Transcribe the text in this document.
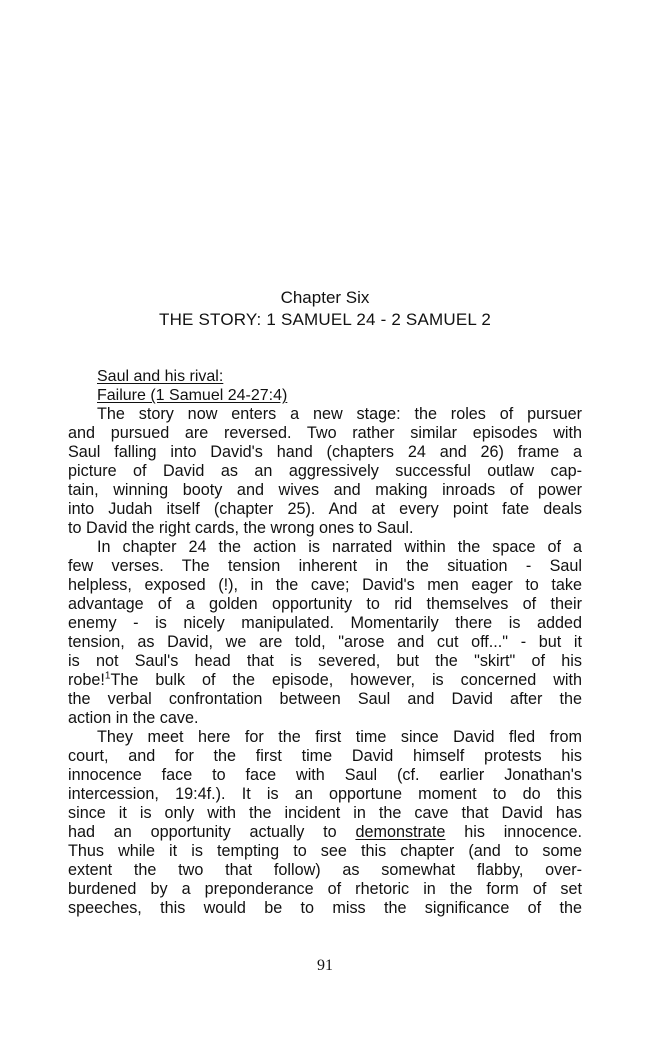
Chapter Six
THE STORY: 1 SAMUEL 24 - 2 SAMUEL 2
Saul and his rival:
Failure (1 Samuel 24-27:4)
The story now enters a new stage: the roles of pursuer
and pursued are reversed. Two rather similar episodes with
Saul falling into David's hand (chapters 24 and 26) frame a
picture of David as an aggressively successful outlaw cap-
tain, winning booty and wives and making inroads of power
into Judah itself (chapter 25). And at every point fate deals
to David the right cards, the wrong ones to Saul.
In chapter 24 the action is narrated within the space of a
few verses. The tension inherent in the situation - Saul
helpless, exposed (!), in the cave; David's men eager to take
advantage of a golden opportunity to rid themselves of their
enemy - is nicely manipulated. Momentarily there is added
tension, as David, we are told, "arose and cut off..." - but it
is not Saul's head that is severed, but the "skirt" of his
robe!$^1$The bulk of the episode, however, is concerned with
the verbal confrontation between Saul and David after the
action in the cave.
They meet here for the first time since David fled from
court, and for the first time David himself protests his
innocence face to face with Saul (cf. earlier Jonathan's
intercession, 19:4f.). It is an opportune moment to do this
since it is only with the incident in the cave that David has
had an opportunity actually to demonstrate his innocence.
Thus while it is tempting to see this chapter (and to some
extent the two that follow) as somewhat flabby, over-
burdened by a preponderance of rhetoric in the form of set
speeches, this would be to miss the significance of the
91
